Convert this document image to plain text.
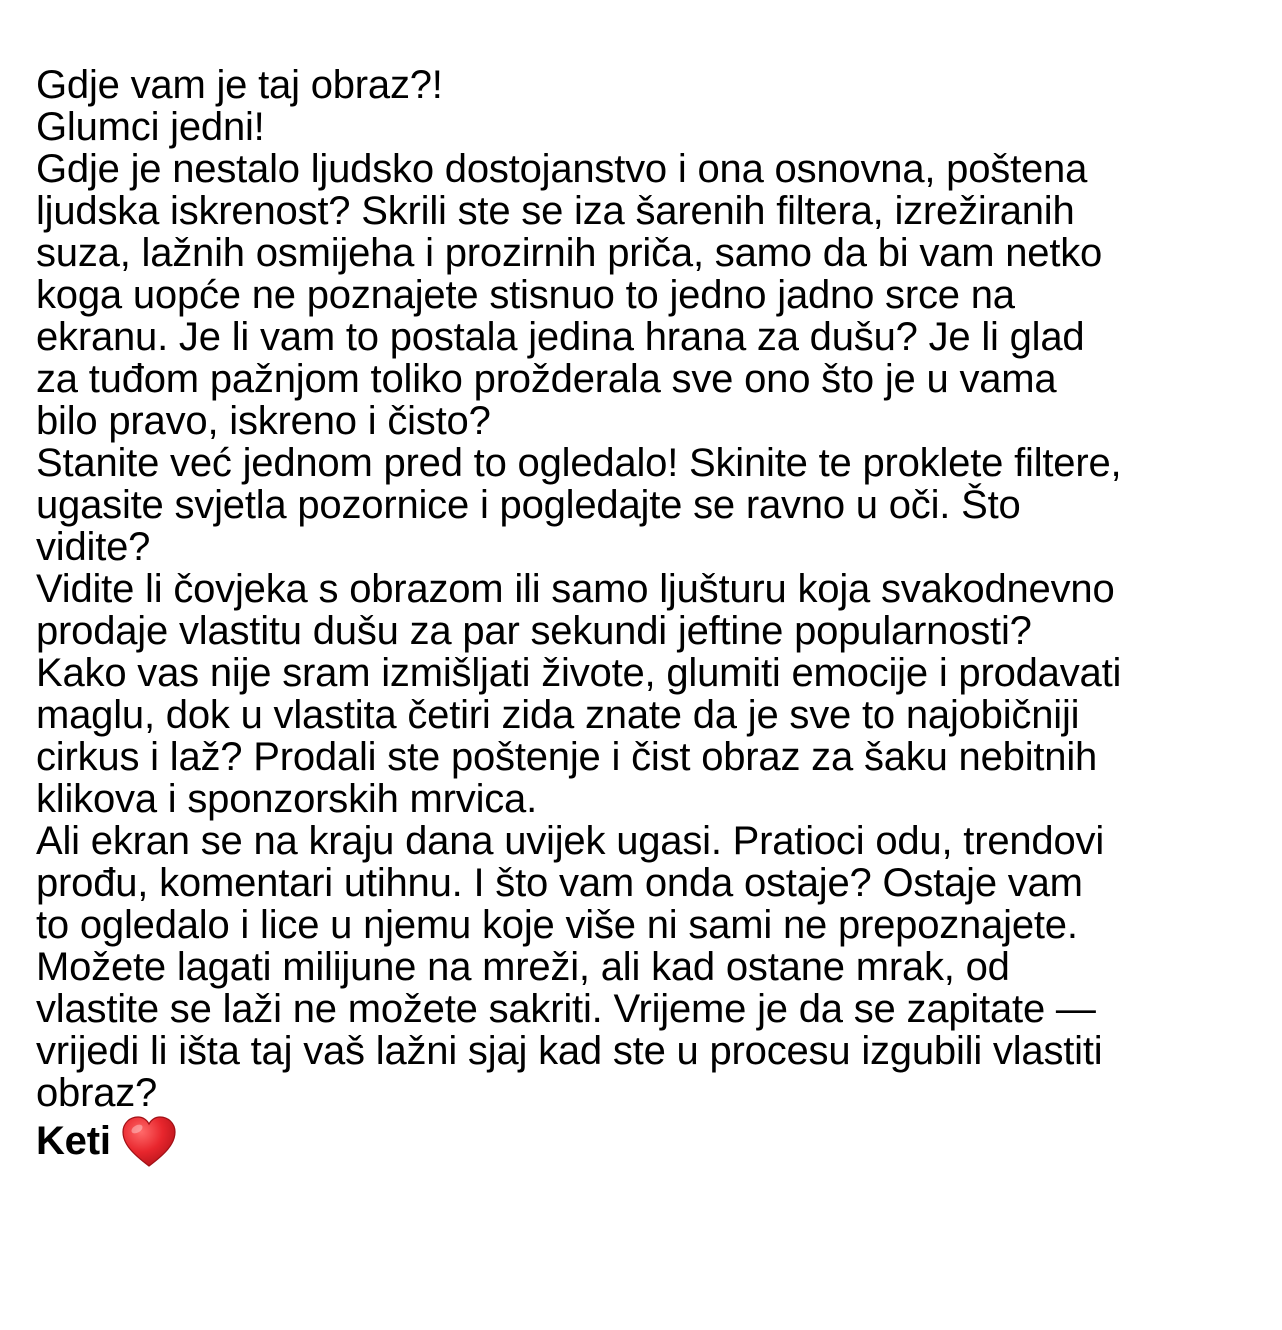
Gdje vam je taj obraz?!
Glumci jedni!
Gdje je nestalo ljudsko dostojanstvo i ona osnovna, poštena
ljudska iskrenost? Skrili ste se iza šarenih filtera, izrežiranih
suza, lažnih osmijeha i prozirnih priča, samo da bi vam netko
koga uopće ne poznajete stisnuo to jedno jadno srce na
ekranu. Je li vam to postala jedina hrana za dušu? Je li glad
za tuđom pažnjom toliko prožderala sve ono što je u vama
bilo pravo, iskreno i čisto?
Stanite već jednom pred to ogledalo! Skinite te proklete filtere,
ugasite svjetla pozornice i pogledajte se ravno u oči. Što
vidite?
Vidite li čovjeka s obrazom ili samo ljušturu koja svakodnevno
prodaje vlastitu dušu za par sekundi jeftine popularnosti?
Kako vas nije sram izmišljati živote, glumiti emocije i prodavati
maglu, dok u vlastita četiri zida znate da je sve to najobičniji
cirkus i laž? Prodali ste poštenje i čist obraz za šaku nebitnih
klikova i sponzorskih mrvica.
Ali ekran se na kraju dana uvijek ugasi. Pratioci odu, trendovi
prođu, komentari utihnu. I što vam onda ostaje? Ostaje vam
to ogledalo i lice u njemu koje više ni sami ne prepoznajete.
Možete lagati milijune na mreži, ali kad ostane mrak, od
vlastite se laži ne možete sakriti. Vrijeme je da se zapitate —
vrijedi li išta taj vaš lažni sjaj kad ste u procesu izgubili vlastiti
obraz?
Keti
